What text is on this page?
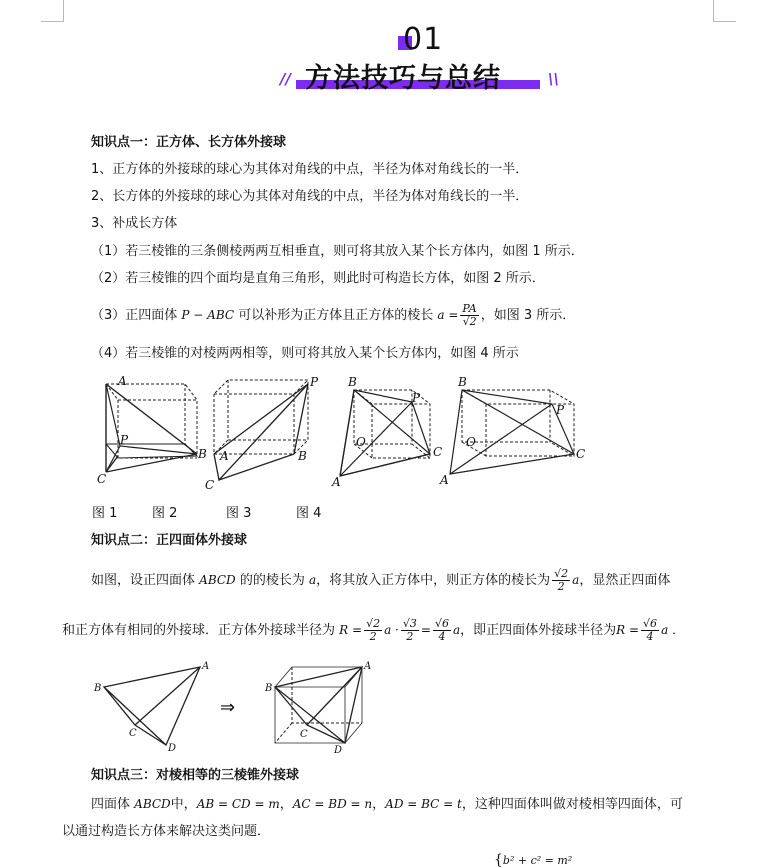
01
//	\\
方法技巧与总结
知识点一：正方体、长方体外接球
1、正方体的外接球的球心为其体对角线的中点，半径为体对角线长的一半．
2、长方体的外接球的球心为其体对角线的中点，半径为体对角线长的一半．
3、补成长方体
（1）若三棱锥的三条侧棱两两互相垂直，则可将其放入某个长方体内，如图 1 所示．
（2）若三棱锥的四个面均是直角三角形，则此时可构造长方体，如图 2 所示．
（3）正四面体 P − ABC 可以补形为正方体且正方体的棱长 $a = \frac{PA}{√2}$ ，如图 3 所示．
（4）若三棱锥的对棱两两相等，则可将其放入某个长方体内，如图 4 所示
A
P
B
C
P
A	B
C
B
P
O
C
A
B
P
O
C
A
图 1	图 2	图 3	图 4
知识点二：正四面体外接球
如图，设正四面体 ABCD 的的棱长为 a，将其放入正方体中，则正方体的棱长为 $\frac{√2}{2}$ a，显然正四面体
和正方体有相同的外接球．正方体外接球半径为 $R = \frac{√2}{2}$ $a \cdot \frac{√3}{2} = \frac{√6}{4}$ a，即正四面体外接球半径为$R = \frac{√6}{4}$ a ．
B
A
C
D
B
A
C
D
⇒
知识点三：对棱相等的三棱锥外接球
四面体 ABCD中，AB = CD = m，AC = BD = n，AD = BC = t，这种四面体叫做对棱相等四面体，可
以通过构造长方体来解决这类问题．
{b² + c² = m²
